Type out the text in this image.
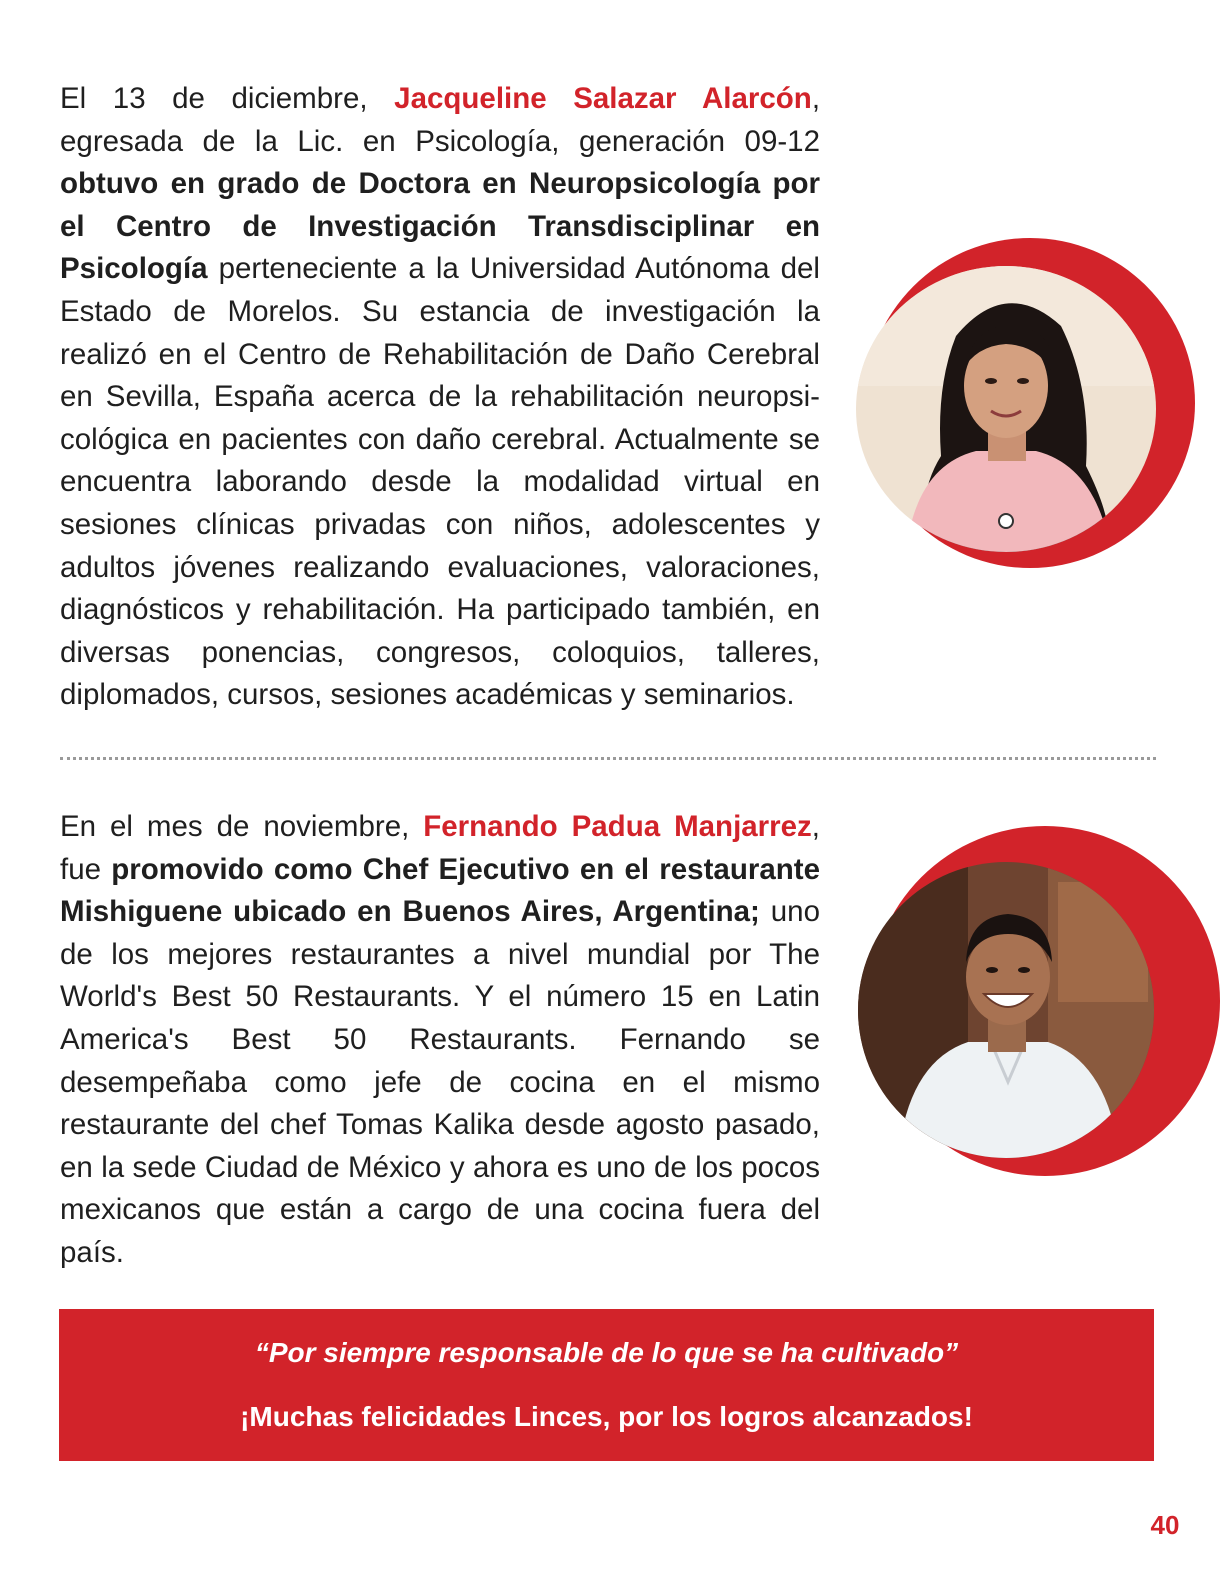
El 13 de diciembre, Jacqueline Salazar Alarcón, egresada de la Lic. en Psicología, generación 09-12 obtuvo en grado de Doctora en Neuropsicología por el Centro de Investigación Transdisciplinar en Psicología perteneciente a la Universidad Autónoma del Estado de Morelos. Su estancia de investigación la realizó en el Centro de Rehabilitación de Daño Cerebral en Sevilla, España acerca de la rehabilitación neuropsi-cológica en pacientes con daño cerebral. Actualmente se encuentra laborando desde la modalidad virtual en sesiones clínicas privadas con niños, adolescentes y adultos jóvenes realizando evaluaciones, valoraciones, diagnósticos y rehabilitación. Ha participado también, en diversas ponencias, congresos, coloquios, talleres, diplomados, cursos, sesiones académicas y seminarios.

En el mes de noviembre, Fernando Padua Manjarrez, fue promovido como Chef Ejecutivo en el restaurante Mishiguene ubicado en Buenos Aires, Argentina; uno de los mejores restaurantes a nivel mundial por The World's Best 50 Restaurants. Y el número 15 en Latin America's Best 50 Restaurants. Fernando se desempeñaba como jefe de cocina en el mismo restaurante del chef Tomas Kalika desde agosto pasado, en la sede Ciudad de México y ahora es uno de los pocos mexicanos que están a cargo de una cocina fuera del país.

“Por siempre responsable de lo que se ha cultivado”
¡Muchas felicidades Linces, por los logros alcanzados!
40
